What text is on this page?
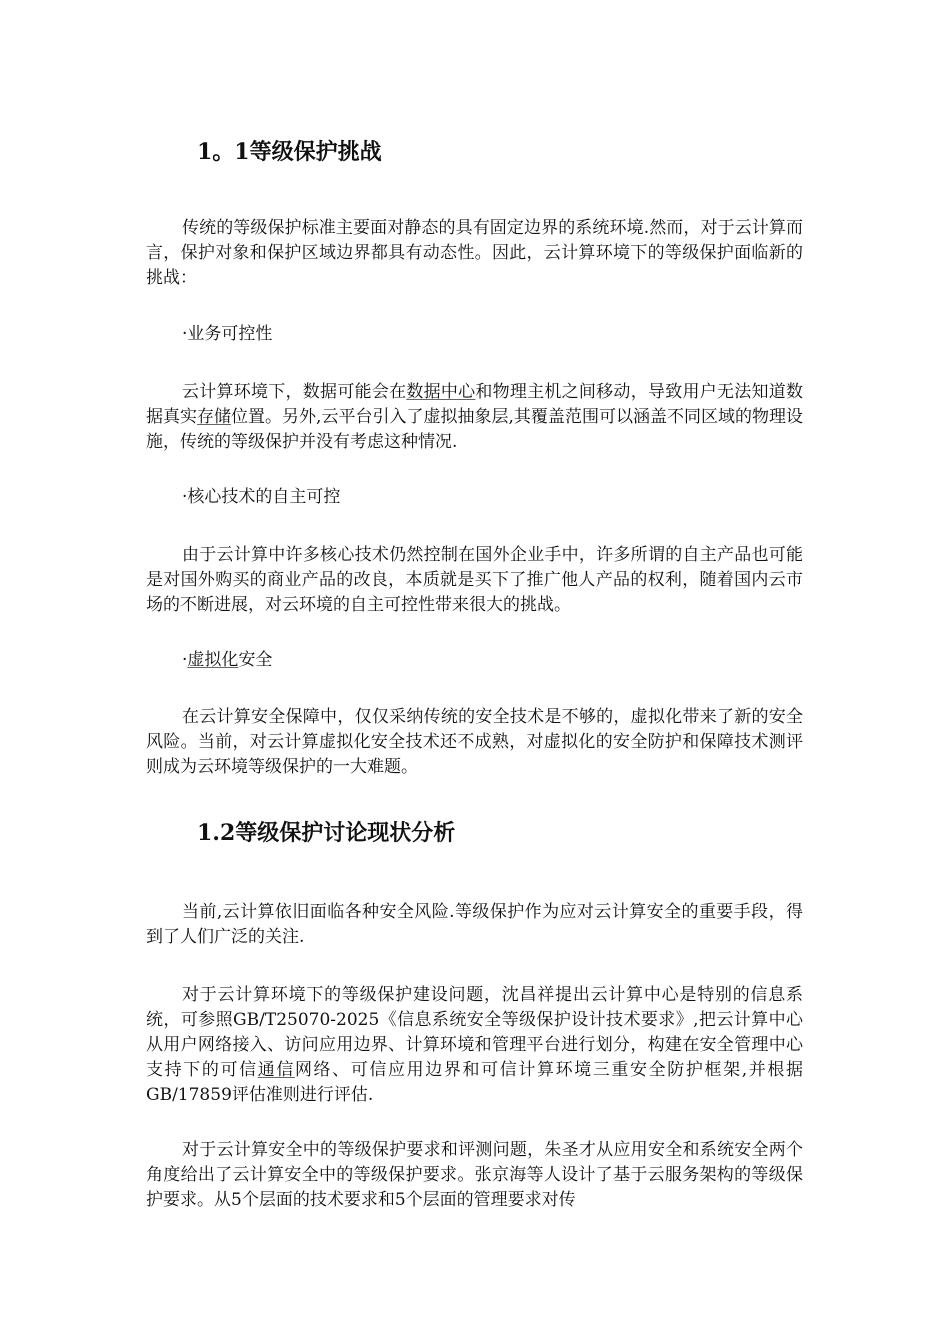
1。1等级保护挑战

传统的等级保护标准主要面对静态的具有固定边界的系统环境.然而，对于云计算而言，保护对象和保护区域边界都具有动态性。因此，云计算环境下的等级保护面临新的挑战：

·业务可控性

云计算环境下，数据可能会在数据中心和物理主机之间移动，导致用户无法知道数据真实存储位置。另外,云平台引入了虚拟抽象层,其覆盖范围可以涵盖不同区域的物理设施，传统的等级保护并没有考虑这种情况.

·核心技术的自主可控

由于云计算中许多核心技术仍然控制在国外企业手中，许多所谓的自主产品也可能是对国外购买的商业产品的改良，本质就是买下了推广他人产品的权利，随着国内云市场的不断进展，对云环境的自主可控性带来很大的挑战。

·虚拟化安全

在云计算安全保障中，仅仅采纳传统的安全技术是不够的，虚拟化带来了新的安全风险。当前，对云计算虚拟化安全技术还不成熟，对虚拟化的安全防护和保障技术测评则成为云环境等级保护的一大难题。

1.2等级保护讨论现状分析

当前,云计算依旧面临各种安全风险.等级保护作为应对云计算安全的重要手段，得到了人们广泛的关注.

对于云计算环境下的等级保护建设问题，沈昌祥提出云计算中心是特别的信息系统，可参照GB/T25070-2025《信息系统安全等级保护设计技术要求》,把云计算中心从用户网络接入、访问应用边界、计算环境和管理平台进行划分，构建在安全管理中心支持下的可信通信网络、可信应用边界和可信计算环境三重安全防护框架,并根据GB/17859评估准则进行评估.

对于云计算安全中的等级保护要求和评测问题，朱圣才从应用安全和系统安全两个角度给出了云计算安全中的等级保护要求。张京海等人设计了基于云服务架构的等级保护要求。从5个层面的技术要求和5个层面的管理要求对传
